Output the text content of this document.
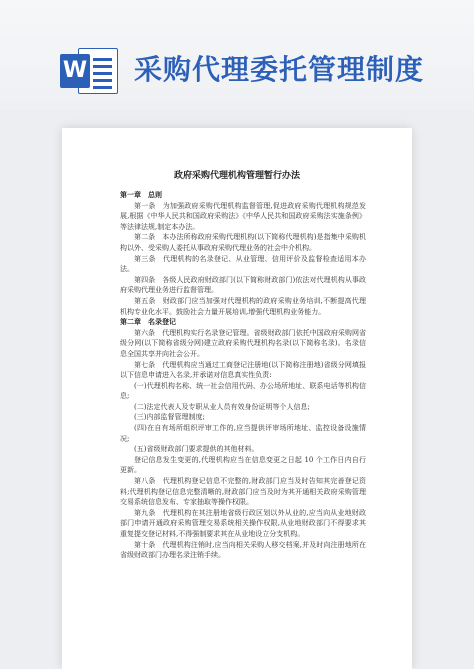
W 采购代理委托管理制度
政府采购代理机构管理暂行办法

第一章　总则

第一条　为加强政府采购代理机构监督管理,促进政府采购代理机构规范发展,根据《中华人民共和国政府采购法》《中华人民共和国政府采购法实施条例》等法律法规,制定本办法。

第二条　本办法所称政府采购代理机构(以下简称代理机构)是指集中采购机构以外、受采购人委托从事政府采购代理业务的社会中介机构。

第三条　代理机构的名录登记、从业管理、信用评价及监督检查适用本办法。

第四条　各级人民政府财政部门(以下简称财政部门)依法对代理机构从事政府采购代理业务进行监督管理。

第五条　财政部门应当加强对代理机构的政府采购业务培训,不断提高代理机构专业化水平。鼓励社会力量开展培训,增强代理机构业务能力。

第二章　名录登记

第六条　代理机构实行名录登记管理。省级财政部门依托中国政府采购网省级分网(以下简称省级分网)建立政府采购代理机构名录(以下简称名录)。名录信息全国共享并向社会公开。

第七条　代理机构应当通过工商登记注册地(以下简称注册地)省级分网填报以下信息申请进入名录,并承诺对信息真实性负责:

(一)代理机构名称、统一社会信用代码、办公场所地址、联系电话等机构信息;

(二)法定代表人及专职从业人员有效身份证明等个人信息;

(三)内部监督管理制度;

(四)在自有场所组织评审工作的,应当提供评审场所地址、监控设备设施情况;

(五)省级财政部门要求提供的其他材料。

登记信息发生变更的,代理机构应当在信息变更之日起 10 个工作日内自行更新。

第八条　代理机构登记信息不完整的,财政部门应当及时告知其完善登记资料;代理机构登记信息完整清晰的,财政部门应当及时为其开通相关政府采购管理交易系统信息发布、专家抽取等操作权限。

第九条　代理机构在其注册地省级行政区划以外从业的,应当向从业地财政部门申请开通政府采购管理交易系统相关操作权限,从业地财政部门不得要求其重复提交登记材料,不得强制要求其在从业地设立分支机构。

第十条　代理机构注销时,应当向相关采购人移交档案,并及时向注册地所在省级财政部门办理名录注销手续。
